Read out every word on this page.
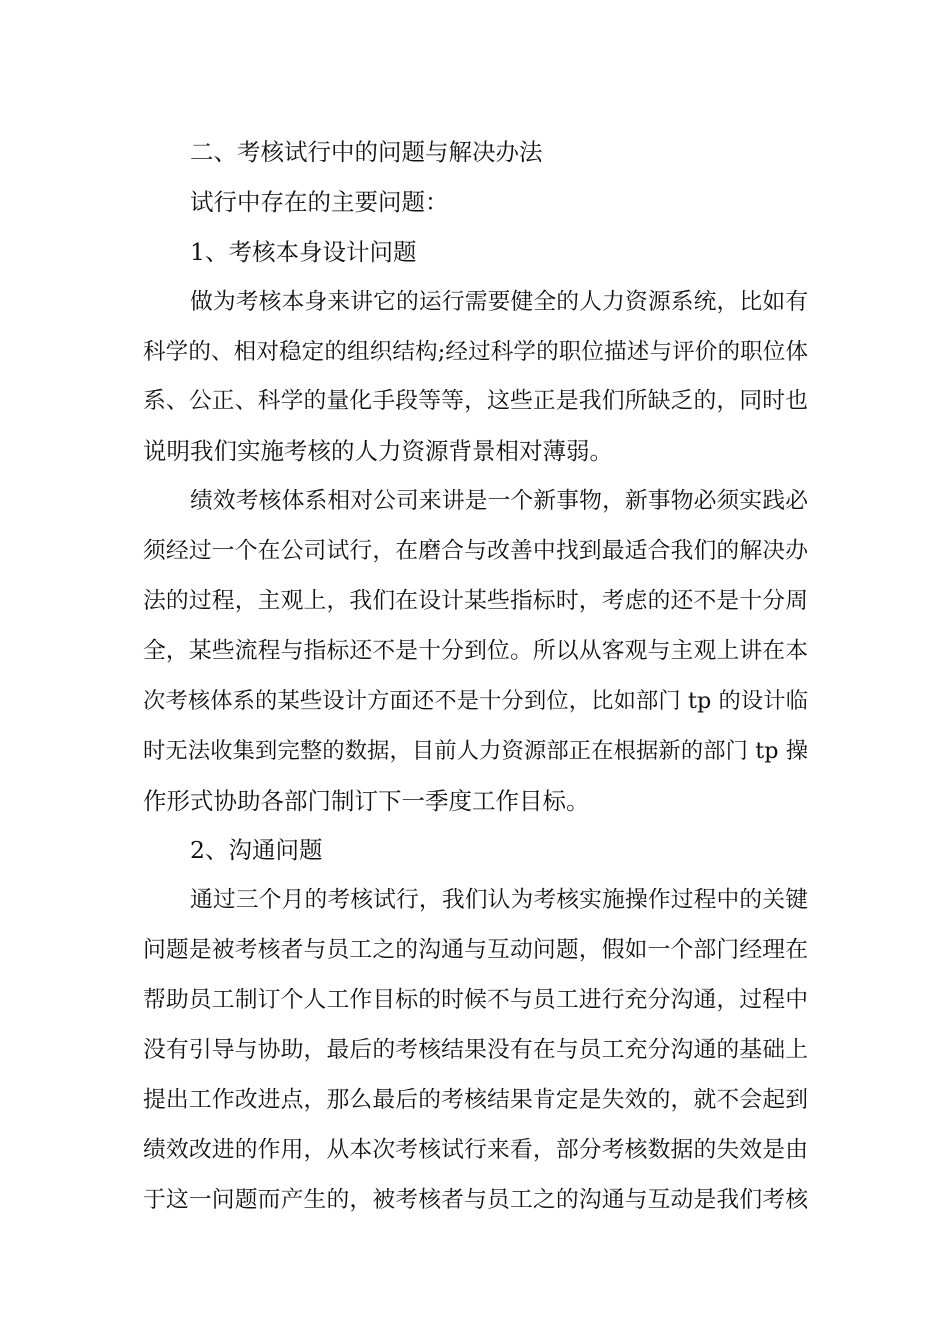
二、考核试行中的问题与解决办法
试行中存在的主要问题：
1、考核本身设计问题
做为考核本身来讲它的运行需要健全的人力资源系统，比如有
科学的、相对稳定的组织结构;经过科学的职位描述与评价的职位体
系、公正、科学的量化手段等等，这些正是我们所缺乏的，同时也
说明我们实施考核的人力资源背景相对薄弱。
绩效考核体系相对公司来讲是一个新事物，新事物必须实践必
须经过一个在公司试行，在磨合与改善中找到最适合我们的解决办
法的过程，主观上，我们在设计某些指标时，考虑的还不是十分周
全，某些流程与指标还不是十分到位。所以从客观与主观上讲在本
次考核体系的某些设计方面还不是十分到位，比如部门 tp 的设计临
时无法收集到完整的数据，目前人力资源部正在根据新的部门 tp 操
作形式协助各部门制订下一季度工作目标。
2、沟通问题
通过三个月的考核试行，我们认为考核实施操作过程中的关键
问题是被考核者与员工之的沟通与互动问题，假如一个部门经理在
帮助员工制订个人工作目标的时候不与员工进行充分沟通，过程中
没有引导与协助，最后的考核结果没有在与员工充分沟通的基础上
提出工作改进点，那么最后的考核结果肯定是失效的，就不会起到
绩效改进的作用，从本次考核试行来看，部分考核数据的失效是由
于这一问题而产生的，被考核者与员工之的沟通与互动是我们考核
